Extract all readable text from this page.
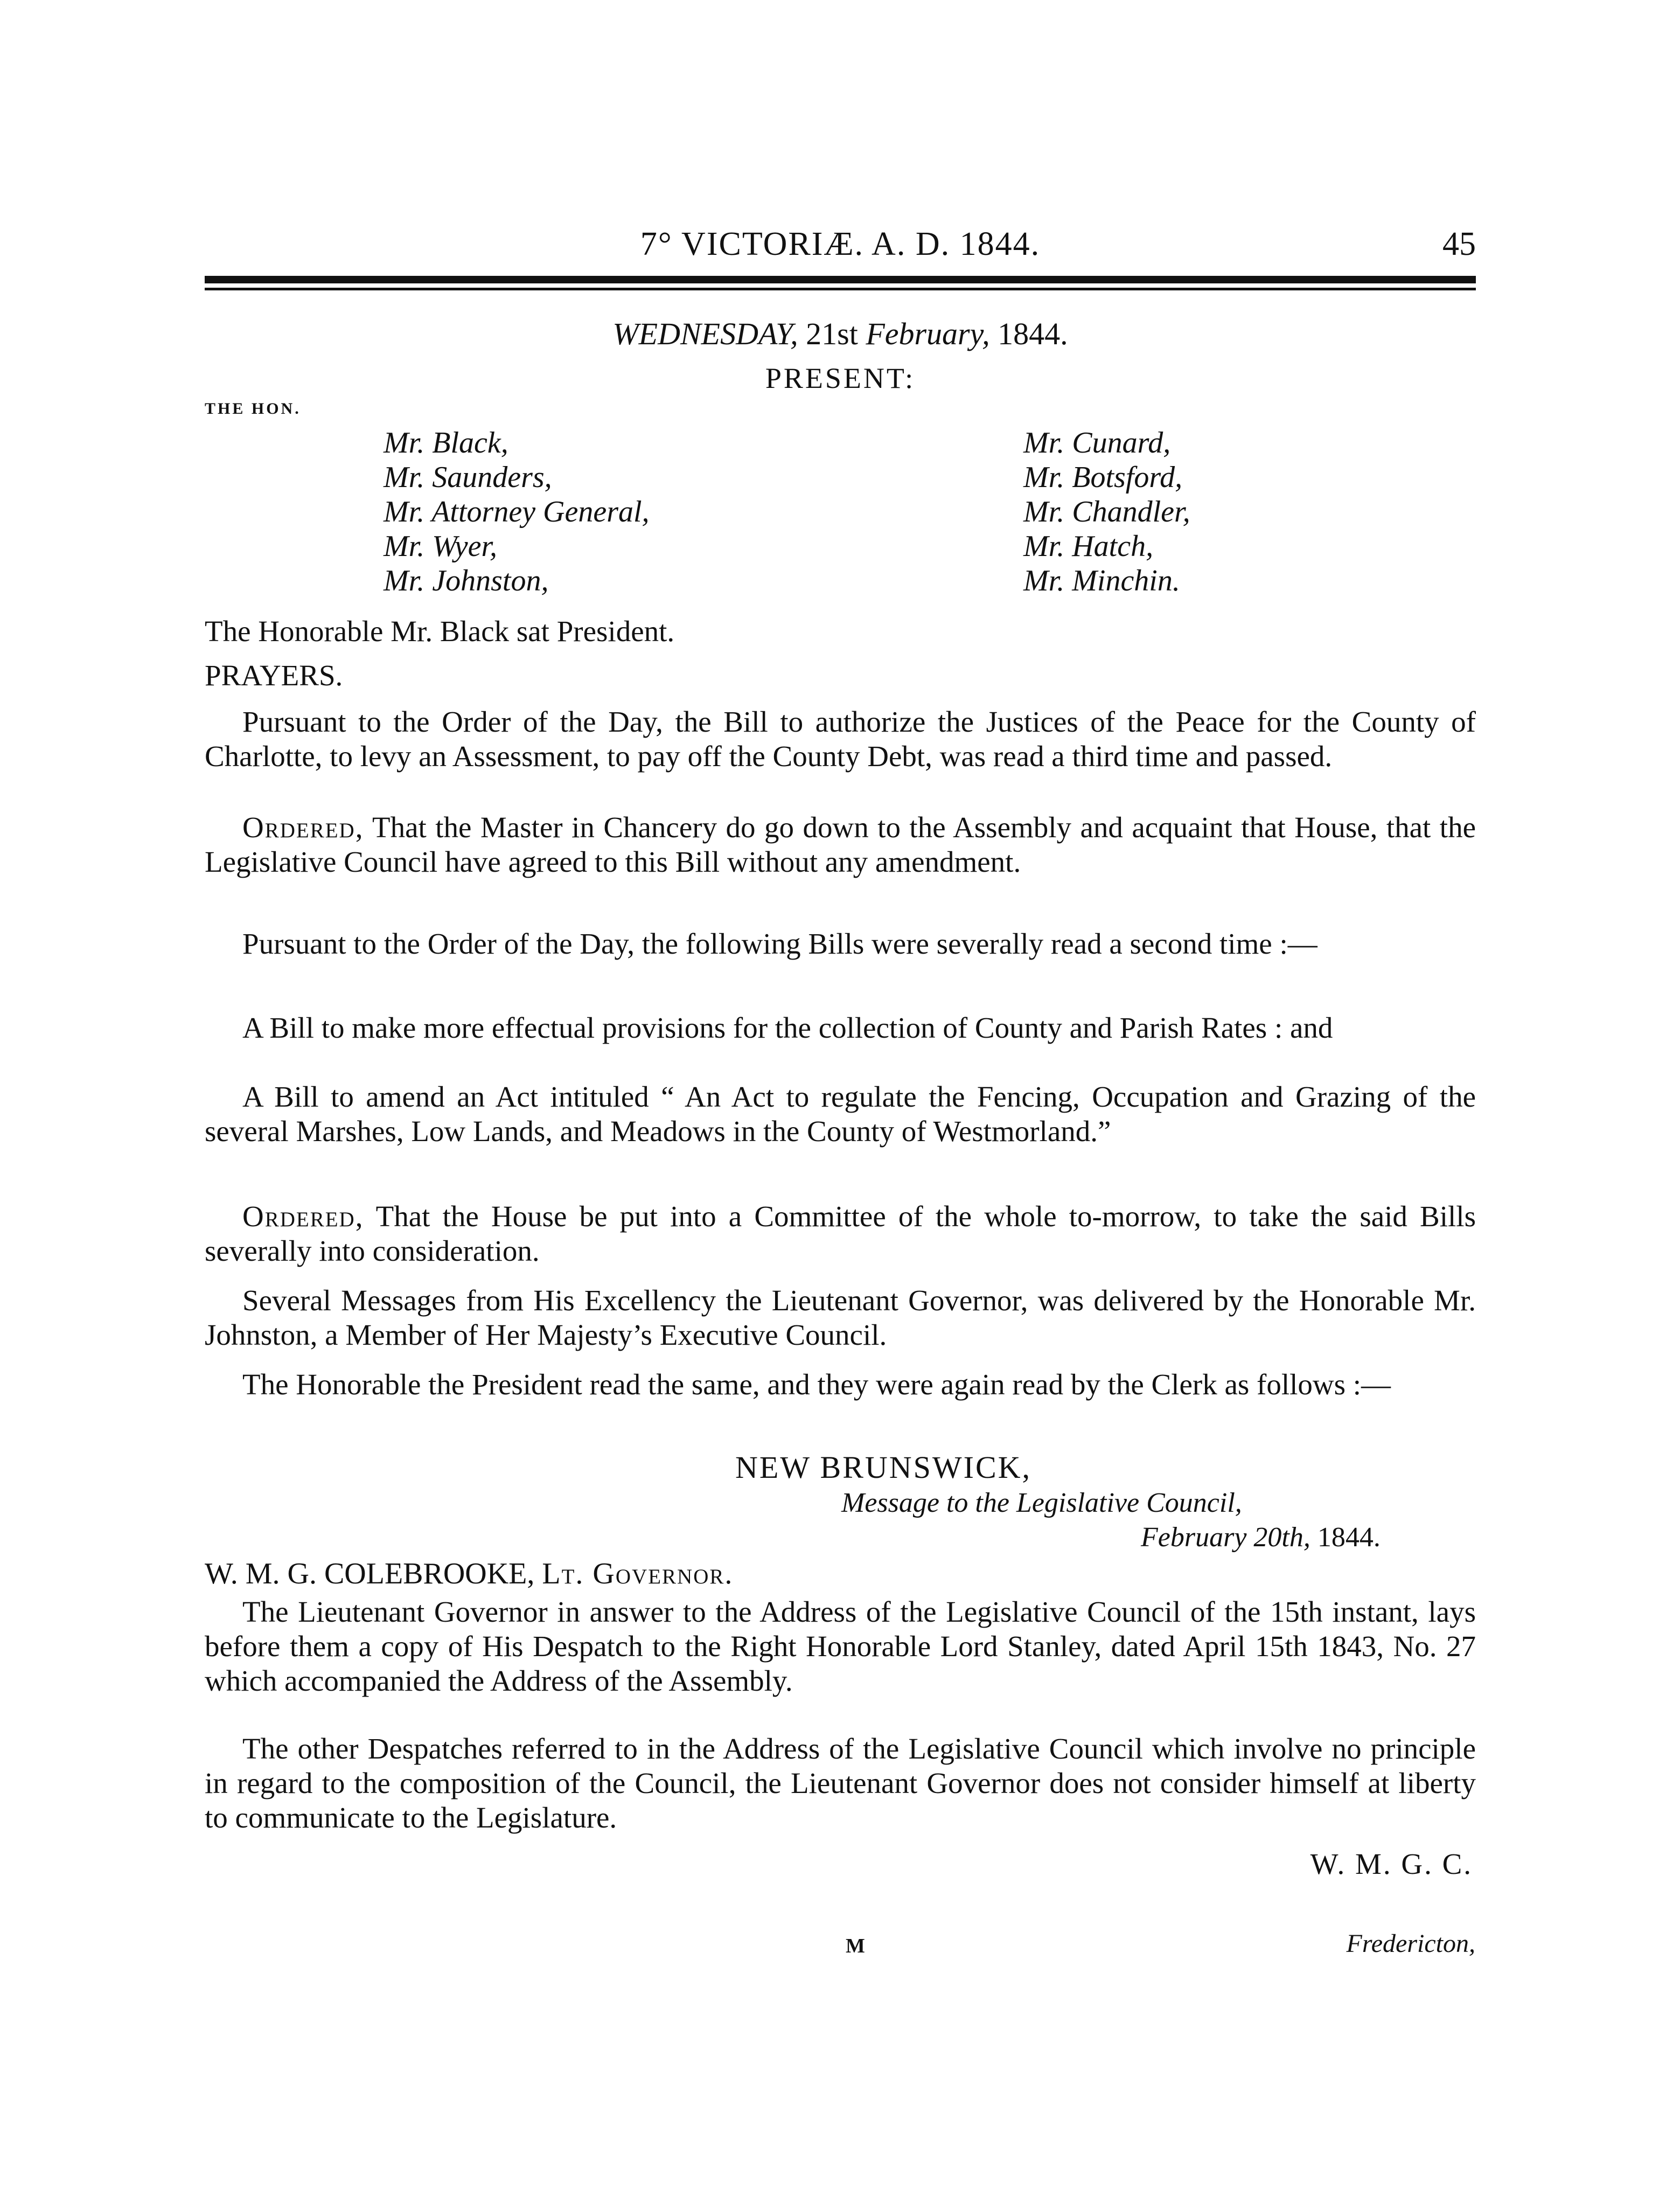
7° VICTORIÆ. A. D. 1844.	45
WEDNESDAY, 21st February, 1844.
PRESENT:
THE HON.
Mr. Black,
Mr. Saunders,
Mr. Attorney General,
Mr. Wyer,
Mr. Johnston,
Mr. Cunard,
Mr. Botsford,
Mr. Chandler,
Mr. Hatch,
Mr. Minchin.
The Honorable Mr. Black sat President.
PRAYERS.
Pursuant to the Order of the Day, the Bill to authorize the Justices of the Peace for the County of Charlotte, to levy an Assessment, to pay off the County Debt, was read a third time and passed.
Ordered, That the Master in Chancery do go down to the Assembly and acquaint that House, that the Legislative Council have agreed to this Bill without any amendment.
Pursuant to the Order of the Day, the following Bills were severally read a second time :—
A Bill to make more effectual provisions for the collection of County and Parish Rates : and
A Bill to amend an Act intituled “ An Act to regulate the Fencing, Occupation and Grazing of the several Marshes, Low Lands, and Meadows in the County of Westmorland.”
Ordered, That the House be put into a Committee of the whole to-morrow, to take the said Bills severally into consideration.
Several Messages from His Excellency the Lieutenant Governor, was delivered by the Honorable Mr. Johnston, a Member of Her Majesty’s Executive Council.
The Honorable the President read the same, and they were again read by the Clerk as follows :—
NEW BRUNSWICK,
Message to the Legislative Council,
February 20th, 1844.
W. M. G. COLEBROOKE, Lt. Governor.
The Lieutenant Governor in answer to the Address of the Legislative Council of the 15th instant, lays before them a copy of His Despatch to the Right Honorable Lord Stanley, dated April 15th 1843, No. 27 which accompanied the Address of the Assembly.
The other Despatches referred to in the Address of the Legislative Council which involve no principle in regard to the composition of the Council, the Lieutenant Governor does not consider himself at liberty to communicate to the Legislature.
W. M. G. C.
M	Fredericton,
